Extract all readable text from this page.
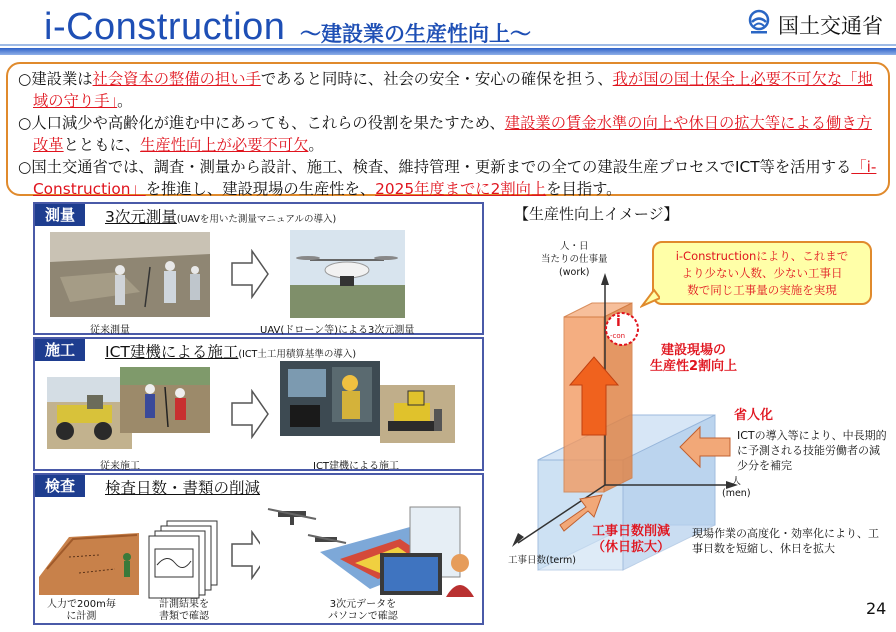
i-Construction ～建設業の生産性向上～	国土交通省

○建設業は社会資本の整備の担い手であると同時に、社会の安全・安心の確保を担う、我が国の国土保全上必要不可欠な「地域の守り手」。

○人口減少や高齢化が進む中にあっても、これらの役割を果たすため、建設業の賃金水準の向上や休日の拡大等による働き方改革とともに、生産性向上が必要不可欠。

○国土交通省では、調査・測量から設計、施工、検査、維持管理・更新までの全ての建設生産プロセスでICT等を活用する「i-Construction」を推進し、建設現場の生産性を、2025年度までに2割向上を目指す。

測量	3次元測量(UAVを用いた測量マニュアルの導入)
従来測量	UAV(ドローン等)による3次元測量
施工	ICT建機による施工(ICT土工用積算基準の導入)
従来施工	ICT建機による施工
検査	検査日数・書類の削減
人力で200m毎
に計測
計測結果を
書類で確認
3次元データを
パソコンで確認
【生産性向上イメージ】
i
-con
i-Constructionにより、これまで
より少ない人数、少ない工事日
数で同じ工事量の実施を実現
人・日
当たりの仕事量
(work)
人
(men)
工事日数(term)
建設現場の
生産性2割向上
省人化
ICTの導入等により、中長期的に予測される技能労働者の減少分を補完
工事日数削減
（休日拡大）
現場作業の高度化・効率化により、工事日数を短縮し、休日を拡大
24
